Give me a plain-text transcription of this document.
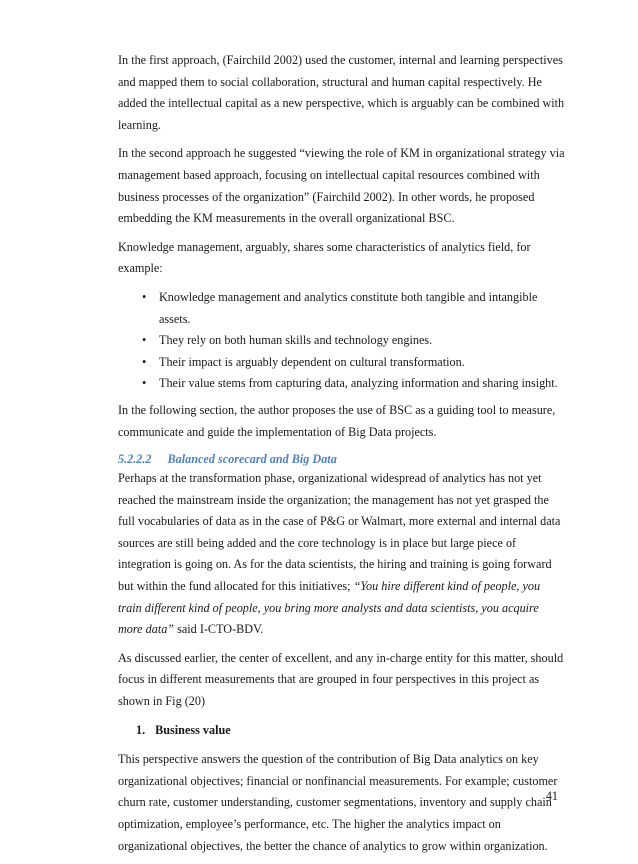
In the first approach, (Fairchild 2002) used the customer, internal and learning perspectives and mapped them to social collaboration, structural and human capital respectively. He added the intellectual capital as a new perspective, which is arguably can be combined with learning.

In the second approach he suggested “viewing the role of KM in organizational strategy via management based approach, focusing on intellectual capital resources combined with business processes of the organization” (Fairchild 2002). In other words, he proposed embedding the KM measurements in the overall organizational BSC.

Knowledge management, arguably, shares some characteristics of analytics field, for example:

• Knowledge management and analytics constitute both tangible and intangible assets.
• They rely on both human skills and technology engines.
• Their impact is arguably dependent on cultural transformation.
• Their value stems from capturing data, analyzing information and sharing insight.

In the following section, the author proposes the use of BSC as a guiding tool to measure, communicate and guide the implementation of Big Data projects.

5.2.2.2 Balanced scorecard and Big Data

Perhaps at the transformation phase, organizational widespread of analytics has not yet reached the mainstream inside the organization; the management has not yet grasped the full vocabularies of data as in the case of P&G or Walmart, more external and internal data sources are still being added and the core technology is in place but large piece of integration is going on. As for the data scientists, the hiring and training is going forward but within the fund allocated for this initiatives; “You hire different kind of people, you train different kind of people, you bring more analysts and data scientists, you acquire more data” said I-CTO-BDV.

As discussed earlier, the center of excellent, and any in-charge entity for this matter, should focus in different measurements that are grouped in four perspectives in this project as shown in Fig (20)

1. Business value

This perspective answers the question of the contribution of Big Data analytics on key organizational objectives; financial or nonfinancial measurements. For example; customer churn rate, customer understanding, customer segmentations, inventory and supply chain optimization, employee’s performance, etc. The higher the analytics impact on organizational objectives, the better the chance of analytics to grow within organization.

41
